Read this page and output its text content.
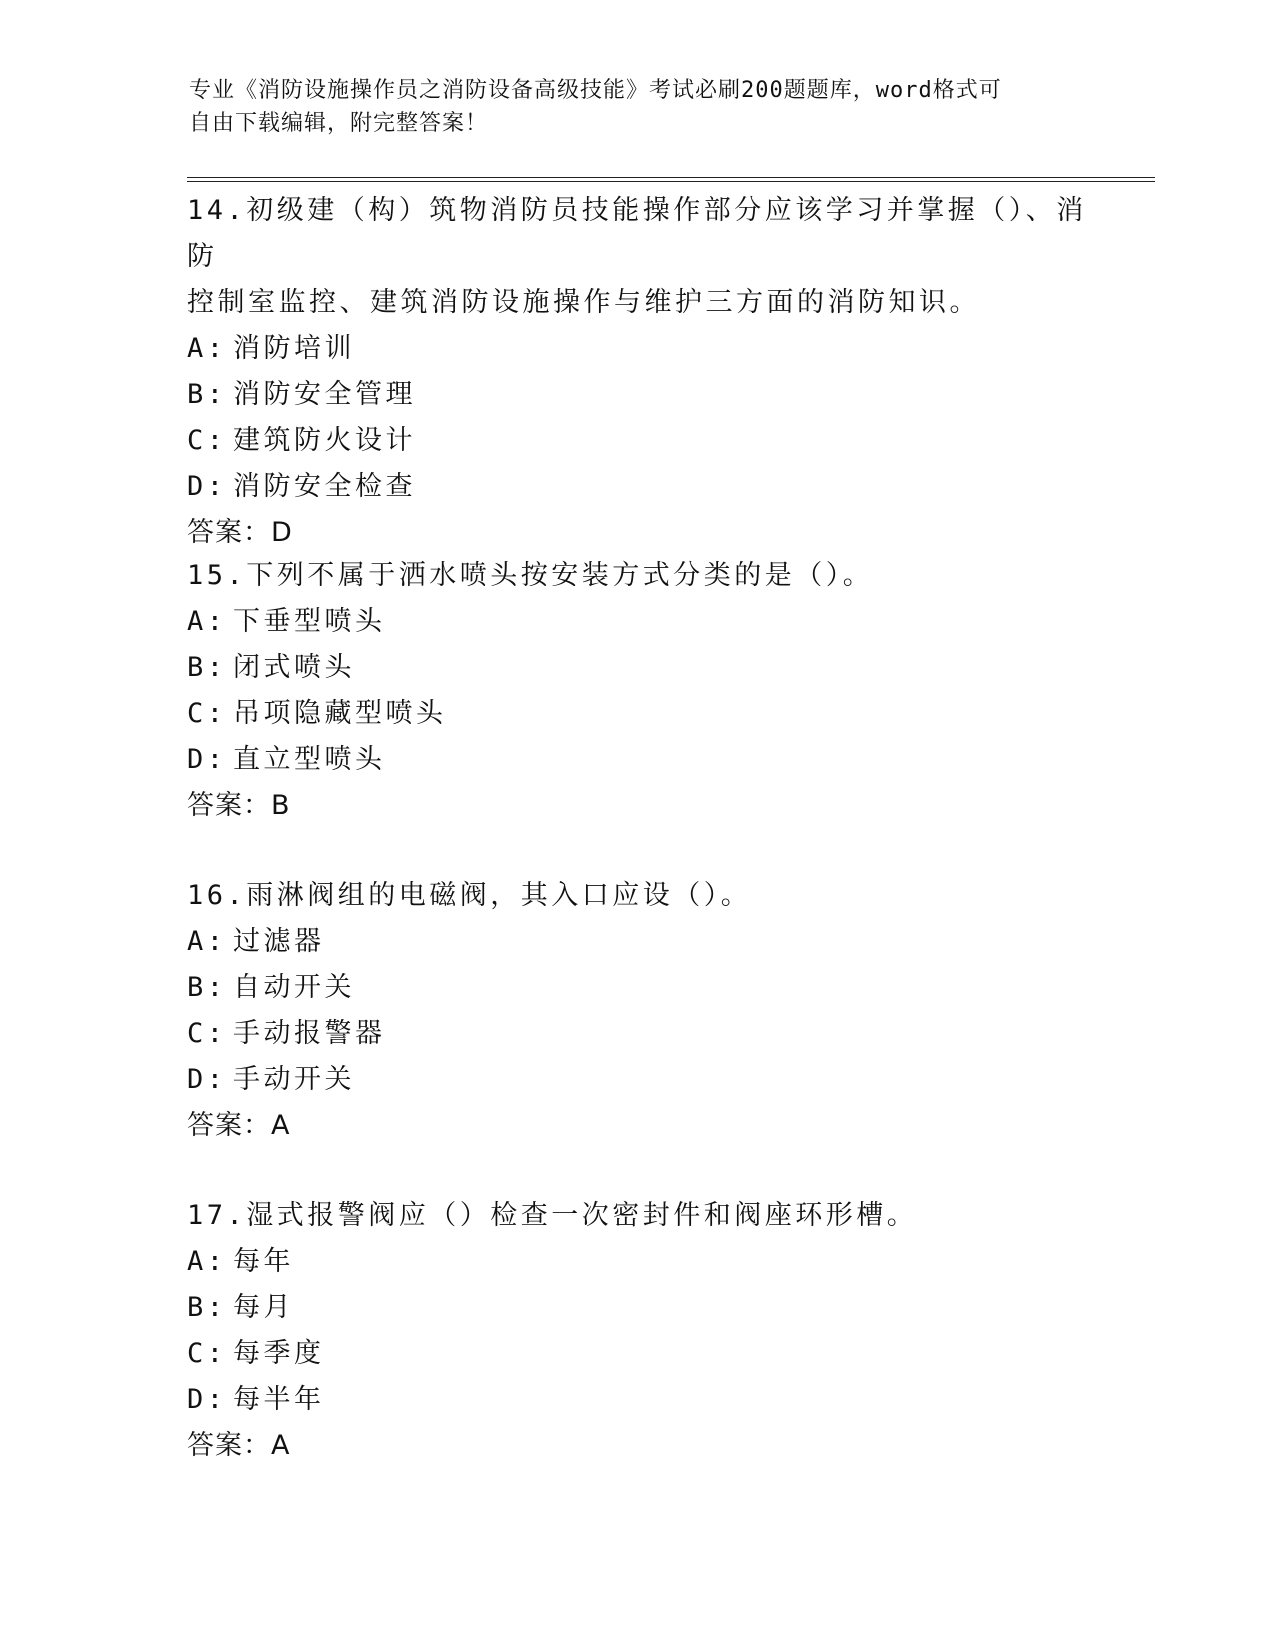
专业《消防设施操作员之消防设备高级技能》考试必刷200题题库，word格式可
自由下载编辑，附完整答案！

14.初级建（构）筑物消防员技能操作部分应该学习并掌握（）、消防

控制室监控、建筑消防设施操作与维护三方面的消防知识。

A: 消防培训

B: 消防安全管理

C: 建筑防火设计

D: 消防安全检查

答案：D

15.下列不属于洒水喷头按安装方式分类的是（）。

A: 下垂型喷头

B: 闭式喷头

C: 吊项隐藏型喷头

D: 直立型喷头

答案：B

16.雨淋阀组的电磁阀，其入口应设（）。

A: 过滤器

B: 自动开关

C: 手动报警器

D: 手动开关

答案：A

17.湿式报警阀应（）检查一次密封件和阀座环形槽。

A: 每年

B: 每月

C: 每季度

D: 每半年

答案：A
